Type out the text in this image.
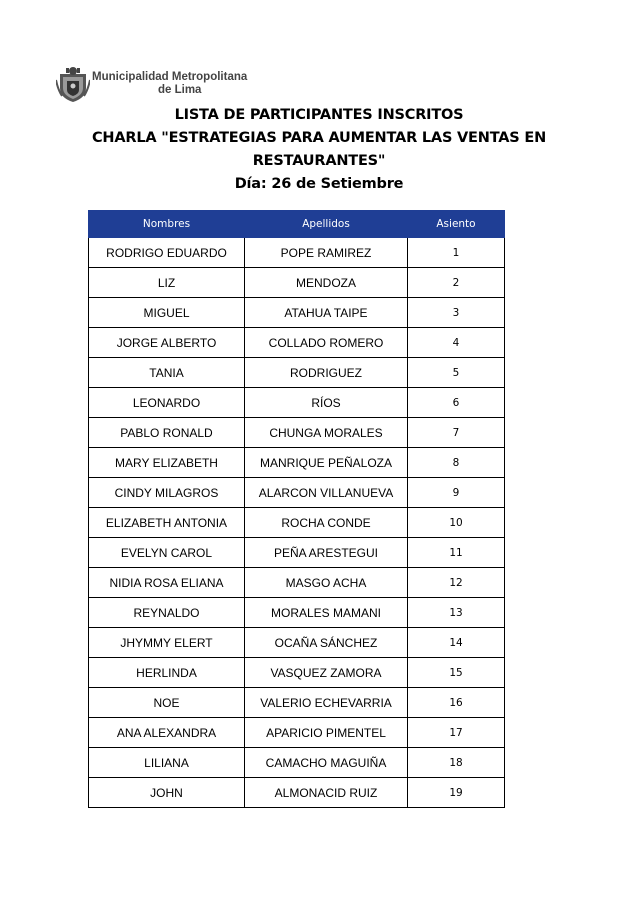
Municipalidad Metropolitana
de Lima
LISTA DE PARTICIPANTES INSCRITOS
CHARLA "ESTRATEGIAS PARA AUMENTAR LAS VENTAS EN
RESTAURANTES"
Día: 26 de Setiembre
Nombres	Apellidos	Asiento
RODRIGO EDUARDO	POPE RAMIREZ	1
LIZ	MENDOZA	2
MIGUEL	ATAHUA TAIPE	3
JORGE ALBERTO	COLLADO ROMERO	4
TANIA	RODRIGUEZ	5
LEONARDO	RÍOS	6
PABLO RONALD	CHUNGA MORALES	7
MARY ELIZABETH	MANRIQUE PEÑALOZA	8
CINDY MILAGROS	ALARCON VILLANUEVA	9
ELIZABETH ANTONIA	ROCHA CONDE	10
EVELYN CAROL	PEÑA ARESTEGUI	11
NIDIA ROSA ELIANA	MASGO ACHA	12
REYNALDO	MORALES MAMANI	13
JHYMMY ELERT	OCAÑA SÁNCHEZ	14
HERLINDA	VASQUEZ ZAMORA	15
NOE	VALERIO ECHEVARRIA	16
ANA ALEXANDRA	APARICIO PIMENTEL	17
LILIANA	CAMACHO MAGUIÑA	18
JOHN	ALMONACID RUIZ	19
